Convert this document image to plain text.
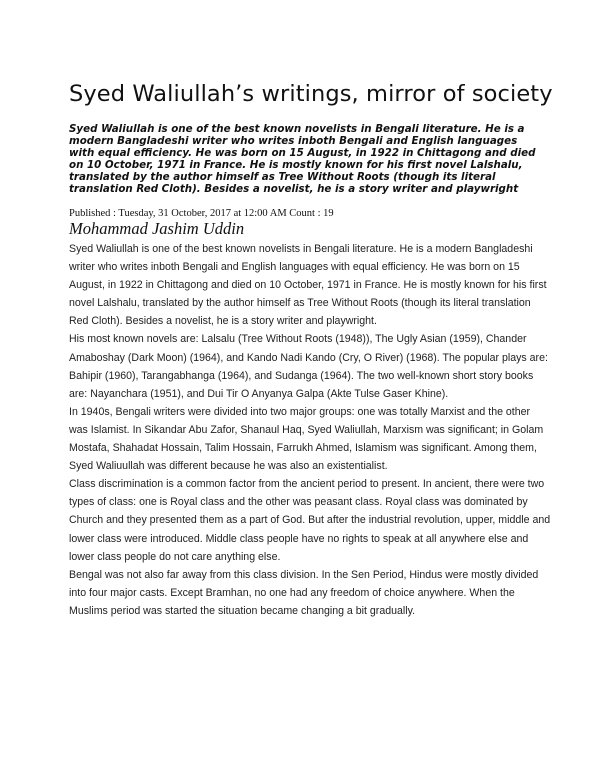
Syed Waliullah’s writings, mirror of society
Syed Waliullah is one of the best known novelists in Bengali literature. He is a modern Bangladeshi writer who writes inboth Bengali and English languages with equal efficiency. He was born on 15 August, in 1922 in Chittagong and died on 10 October, 1971 in France. He is mostly known for his first novel Lalshalu, translated by the author himself as Tree Without Roots (though its literal translation Red Cloth). Besides a novelist, he is a story writer and playwright
Published : Tuesday, 31 October, 2017 at 12:00 AM Count : 19
Mohammad Jashim Uddin

Syed Waliullah is one of the best known novelists in Bengali literature. He is a modern Bangladeshi writer who writes inboth Bengali and English languages with equal efficiency. He was born on 15 August, in 1922 in Chittagong and died on 10 October, 1971 in France. He is mostly known for his first novel Lalshalu, translated by the author himself as Tree Without Roots (though its literal translation Red Cloth). Besides a novelist, he is a story writer and playwright.

His most known novels are: Lalsalu (Tree Without Roots (1948)), The Ugly Asian (1959), Chander Amaboshay (Dark Moon) (1964), and Kando Nadi Kando (Cry, O River) (1968). The popular plays are: Bahipir (1960), Tarangabhanga (1964), and Sudanga (1964). The two well-known short story books are: Nayanchara (1951), and Dui Tir O Anyanya Galpa (Akte Tulse Gaser Khine).

In 1940s, Bengali writers were divided into two major groups: one was totally Marxist and the other was Islamist. In Sikandar Abu Zafor, Shanaul Haq, Syed Waliullah, Marxism was significant; in Golam Mostafa, Shahadat Hossain, Talim Hossain, Farrukh Ahmed, Islamism was significant. Among them, Syed Waliuullah was different because he was also an existentialist.

Class discrimination is a common factor from the ancient period to present. In ancient, there were two types of class: one is Royal class and the other was peasant class. Royal class was dominated by Church and they presented them as a part of God. But after the industrial revolution, upper, middle and lower class were introduced. Middle class people have no rights to speak at all anywhere else and lower class people do not care anything else.

Bengal was not also far away from this class division. In the Sen Period, Hindus were mostly divided into four major casts. Except Bramhan, no one had any freedom of choice anywhere. When the Muslims period was started the situation became changing a bit gradually.
